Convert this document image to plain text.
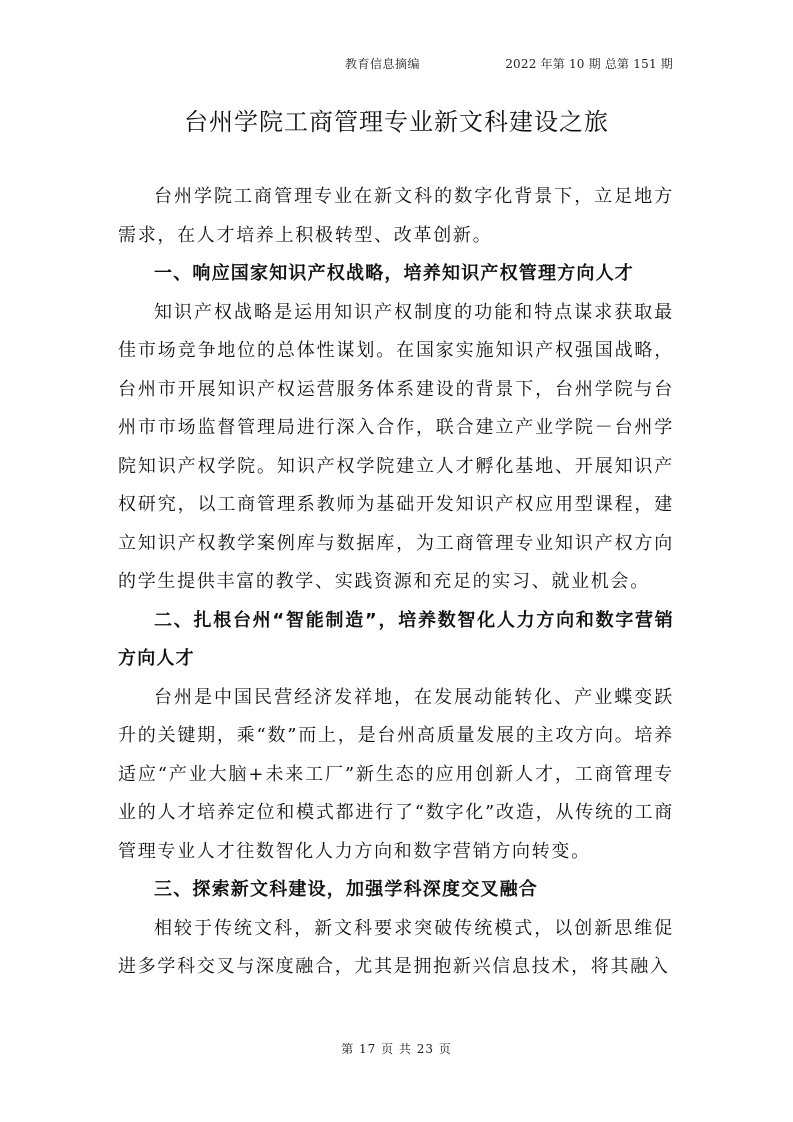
教育信息摘编	2022 年第 10 期 总第 151 期
台州学院工商管理专业新文科建设之旅

台州学院工商管理专业在新文科的数字化背景下，立足地方需求，在人才培养上积极转型、改革创新。

一、响应国家知识产权战略，培养知识产权管理方向人才

知识产权战略是运用知识产权制度的功能和特点谋求获取最佳市场竞争地位的总体性谋划。在国家实施知识产权强国战略，台州市开展知识产权运营服务体系建设的背景下，台州学院与台州市市场监督管理局进行深入合作，联合建立产业学院－台州学院知识产权学院。知识产权学院建立人才孵化基地、开展知识产权研究，以工商管理系教师为基础开发知识产权应用型课程，建立知识产权教学案例库与数据库，为工商管理专业知识产权方向的学生提供丰富的教学、实践资源和充足的实习、就业机会。

二、扎根台州“智能制造”，培养数智化人力方向和数字营销方向人才

台州是中国民营经济发祥地，在发展动能转化、产业蝶变跃升的关键期，乘“数”而上，是台州高质量发展的主攻方向。培养适应“产业大脑+未来工厂”新生态的应用创新人才，工商管理专业的人才培养定位和模式都进行了“数字化”改造，从传统的工商管理专业人才往数智化人力方向和数字营销方向转变。

三、探索新文科建设，加强学科深度交叉融合

相较于传统文科，新文科要求突破传统模式，以创新思维促进多学科交叉与深度融合，尤其是拥抱新兴信息技术，将其融入

第 17 页 共 23 页
